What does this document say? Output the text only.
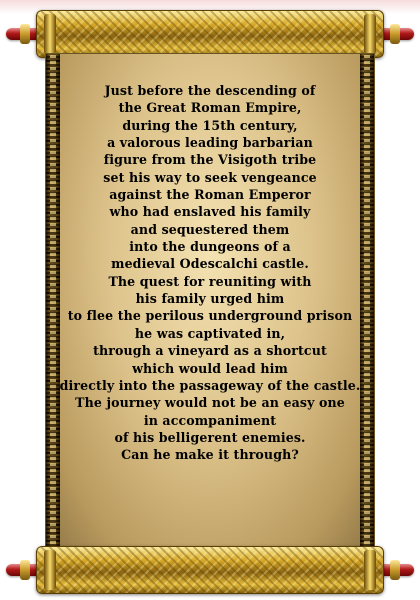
Just before the descending of
the Great Roman Empire,
during the 15th century,
a valorous leading barbarian
figure from the Visigoth tribe
set his way to seek vengeance
against the Roman Emperor
who had enslaved his family
and sequestered them
into the dungeons of a
medieval Odescalchi castle.
The quest for reuniting with
his family urged him
to flee the perilous underground prison
he was captivated in,
through a vineyard as a shortcut
which would lead him
directly into the passageway of the castle.
The journey would not be an easy one
in accompaniment
of his belligerent enemies.
Can he make it through?
